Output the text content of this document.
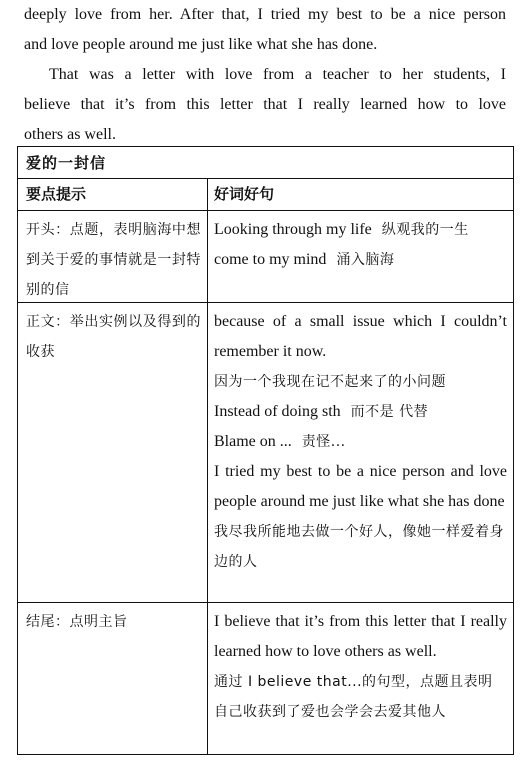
deeply love from her. After that, I tried my best to be a nice person
and love people around me just like what she has done.
That was a letter with love from a teacher to her students, I
believe that it’s from this letter that I really learned how to love
others as well.
爱的一封信
要点提示	好词好句

开头：点题，表明脑海中想到关于爱的事情就是一封特别的信

Looking through my life 纵观我的一生
come to my mind 涌入脑海

正文：举出实例以及得到的收获

because of a small issue which I couldn’t remember it now.

因为一个我现在记不起来了的小问题

Instead of doing sth 而不是 代替
Blame on ... 责怪...

I tried my best to be a nice person and love people around me just like what she has done

我尽我所能地去做一个好人，像她一样爱着身边的人

结尾：点明主旨	I believe that it’s from this letter that I really learned how to love others as well.

通过 I believe that...的句型，点题且表明自己收获到了爱也会学会去爱其他人
